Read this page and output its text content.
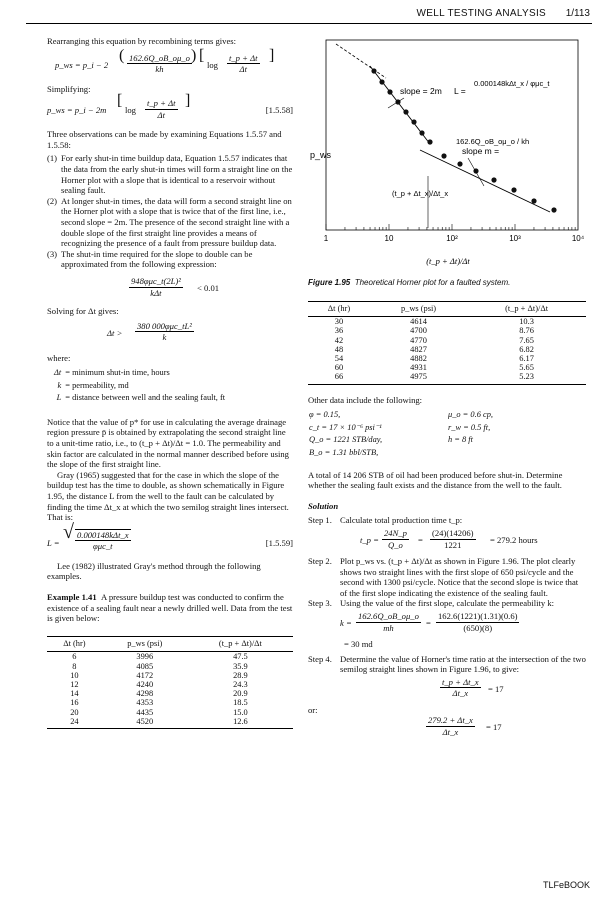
WELL TESTING ANALYSIS 1/113

Rearranging this equation by recombining terms gives:

p_ws = p_i − 2
( $\frac{162.6Q\_oB\_o\mu\_o}{kh}$ ) [
$\log \frac{t\_p + \Delta t}{\Delta t}$ ]

Simplifying:

p_ws = p_i − 2m
[
$\log \frac{t\_p + \Delta t}{\Delta t}$ ]
[1.5.58]

Three observations can be made by examining Equations 1.5.57 and 1.5.58:

(1) For early shut-in time buildup data, Equation 1.5.57 indicates that the data from the early shut-in times will form a straight line on the Horner plot with a slope that is identical to a reservoir without sealing fault.
(2) At longer shut-in times, the data will form a second straight line on the Horner plot with a slope that is twice that of the first line, i.e., second slope = 2m. The presence of the second straight line with a double slope of the first straight line provides a means of recognizing the presence of a fault from pressure buildup data.
(3) The shut-in time required for the slope to double can be approximated from the following expression:
948φμc_t(2L)²
kΔt	< 0.01

Solving for Δt gives:

Δt >
380 000φμc_tL²
k

where:

Δt	= minimum shut-in time, hours
k	= permeability, md
L	= distance between well and the sealing fault, ft

Notice that the value of p* for use in calculating the average drainage region pressure p̄ is obtained by extrapolating the second straight line to a unit-time ratio, i.e., to (t_p + Δt)/Δt = 1.0. The permeability and skin factor are calculated in the normal manner described before using the slope of the first straight line.

Gray (1965) suggested that for the case in which the slope of the buildup test has the time to double, as shown schematically in Figure 1.95, the distance L from the well to the fault can be calculated by finding the time Δt_x at which the two semilog straight lines intersect. That is:

L = √ 0.000148kΔt_x
φμc_t	[1.5.59]

Lee (1982) illustrated Gray's method through the following examples.

Example 1.41 A pressure buildup test was conducted to confirm the existence of a sealing fault near a newly drilled well. Data from the test is given below:

Δt (hr)	p_ws (psi)	(t_p + Δt)/Δt
6	3996	47.5
8	4085	35.9
10	4172	28.9
12	4240	24.3
14	4298	20.9
16	4353	18.5
20	4435	15.0
24	4520	12.6
p_ws
slope = 2m L =
0.000148kΔt_x / φμc_t
slope m =
162.6Q_oB_oμ_o / kh
(t_p + Δt_x)/Δt_x
1	10	10²	10³	10⁴
(t_p + Δt)/Δt

Figure 1.95 Theoretical Horner plot for a faulted system.

Δt (hr)	p_ws (psi)	(t_p + Δt)/Δt
30	4614	10.3
36	4700	8.76
42	4770	7.65
48	4827	6.82
54	4882	6.17
60	4931	5.65
66	4975	5.23

Other data include the following:

φ = 0.15,	μ_o = 0.6 cp,
c_t = 17 × 10⁻⁶ psi⁻¹	r_w = 0.5 ft,
Q_o = 1221 STB/day,	h = 8 ft
B_o = 1.31 bbl/STB,	

A total of 14 206 STB of oil had been produced before shut-in. Determine whether the sealing fault exists and the distance from the well to the fault.

Solution

Step 1. Calculate total production time t_p:
t_p = $\frac{24N\_p}{Q\_o} = \frac{(24)(14206)}{1221} = 279.2$ hours
Step 2. Plot p_ws vs. (t_p + Δt)/Δt as shown in Figure 1.96. The plot clearly shows two straight lines with the first slope of 650 psi/cycle and the second with 1300 psi/cycle. Notice that the second slope is twice that of the first slope indicating the existence of the sealing fault.
Step 3. Using the value of the first slope, calculate the permeability k:
$k = \frac{162.6Q\_oB\_o\mu\_o}{mh} = \frac{162.6(1221)(1.31)(0.6)}{(650)(8)}$
= 30 md
Step 4. Determine the value of Horner's time ratio at the intersection of the two semilog straight lines shown in Figure 1.96, to give:
$\frac{t\_p + \Delta t\_x}{\Delta t\_x} = 17$

or:

$\frac{279.2 + \Delta t\_x}{\Delta t\_x} = 17$
TLFeBOOK
